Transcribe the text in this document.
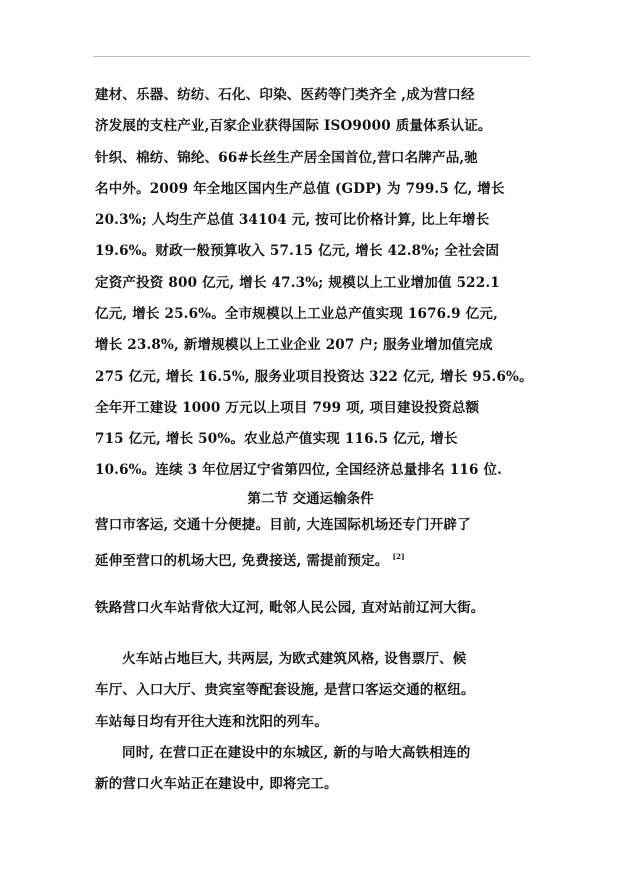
建材、乐器、纺纺、石化、印染、医药等门类齐全 ,成为营口经
济发展的支柱产业,百家企业获得国际 ISO9000 质量体系认证。
针织、棉纺、锦纶、66#长丝生产居全国首位,营口名牌产品,驰
名中外。2009 年全地区国内生产总值 (GDP) 为 799.5 亿, 增长
20.3%; 人均生产总值 34104 元, 按可比价格计算, 比上年增长
19.6%。财政一般预算收入 57.15 亿元, 增长 42.8%; 全社会固
定资产投资 800 亿元, 增长 47.3%; 规模以上工业增加值 522.1
亿元, 增长 25.6%。全市规模以上工业总产值实现 1676.9 亿元,
增长 23.8%, 新增规模以上工业企业 207 户; 服务业增加值完成
275 亿元, 增长 16.5%, 服务业项目投资达 322 亿元, 增长 95.6%。
全年开工建设 1000 万元以上项目 799 项, 项目建设投资总额
715 亿元, 增长 50%。农业总产值实现 116.5 亿元, 增长
10.6%。连续 3 年位居辽宁省第四位, 全国经济总量排名 116 位.
第二节 交通运输条件
营口市客运, 交通十分便捷。目前, 大连国际机场还专门开辟了
延伸至营口的机场大巴, 免费接送, 需提前预定。 [2]
铁路营口火车站背依大辽河, 毗邻人民公园, 直对站前辽河大街。
火车站占地巨大, 共两层, 为欧式建筑风格, 设售票厅、候
车厅、入口大厅、贵宾室等配套设施, 是营口客运交通的枢纽。
车站每日均有开往大连和沈阳的列车。
同时, 在营口正在建设中的东城区, 新的与哈大高铁相连的
新的营口火车站正在建设中, 即将完工。
